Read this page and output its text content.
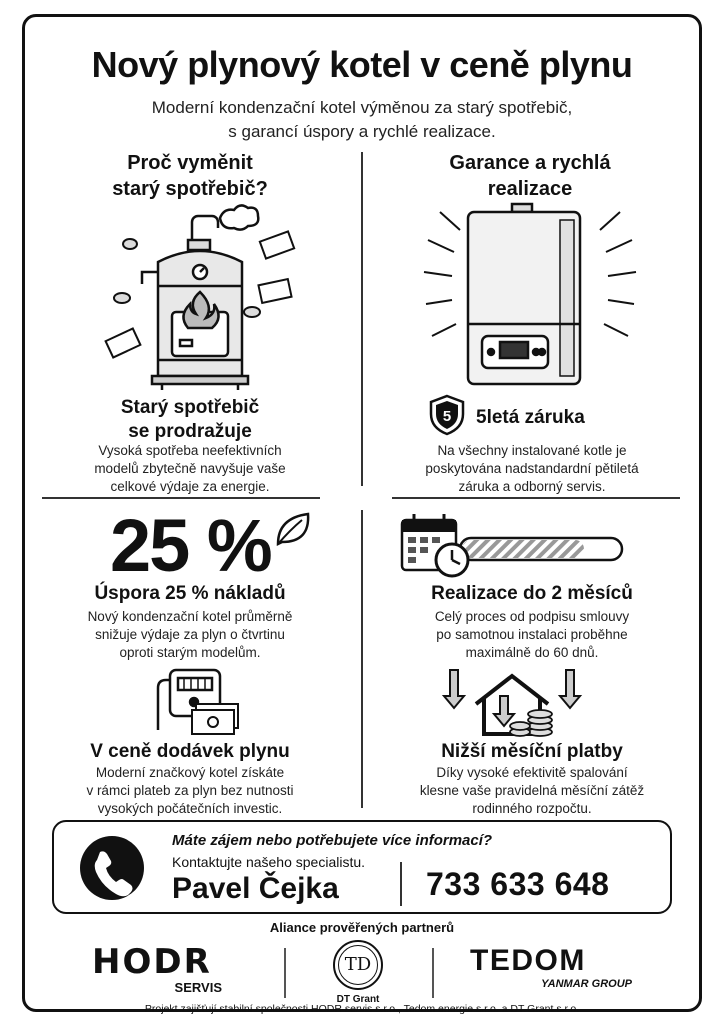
Nový plynový kotel v ceně plynu
Moderní kondenzační kotel výměnou za starý spotřebič,
s garancí úspory a rychlé realizace.
Proč vyměnit
starý spotřebič?
Starý spotřebič
se prodražuje
Vysoká spotřeba neefektivních
modelů zbytečně navyšuje vaše
celkové výdaje za energie.
Garance a rychlá
realizace
5 5letá záruka
Na všechny instalované kotle je
poskytována nadstandardní pětiletá
záruka a odborný servis.
25 %
Úspora 25 % nákladů
Nový kondenzační kotel průměrně
snižuje výdaje za plyn o čtvrtinu
oproti starým modelům.
Realizace do 2 měsíců
Celý proces od podpisu smlouvy
po samotnou instalaci proběhne
maximálně do 60 dnů.
V ceně dodávek plynu
Moderní značkový kotel získáte
v rámci plateb za plyn bez nutnosti
vysokých počátečních investic.
Nižší měsíční platby
Díky vysoké efektivitě spalování
klesne vaše pravidelná měsíční zátěž
rodinného rozpočtu.
Máte zájem nebo potřebujete více informací?
Kontaktujte našeho specialistu.
Pavel Čejka	733 633 648
Aliance prověřených partnerů
HODR
SERVIS
TD
DT Grant
TEDOM
YANMAR GROUP
Projekt zajišťují stabilní společnosti HODR servis s.r.o., Tedom energie s.r.o. a DT Grant s.r.o.
